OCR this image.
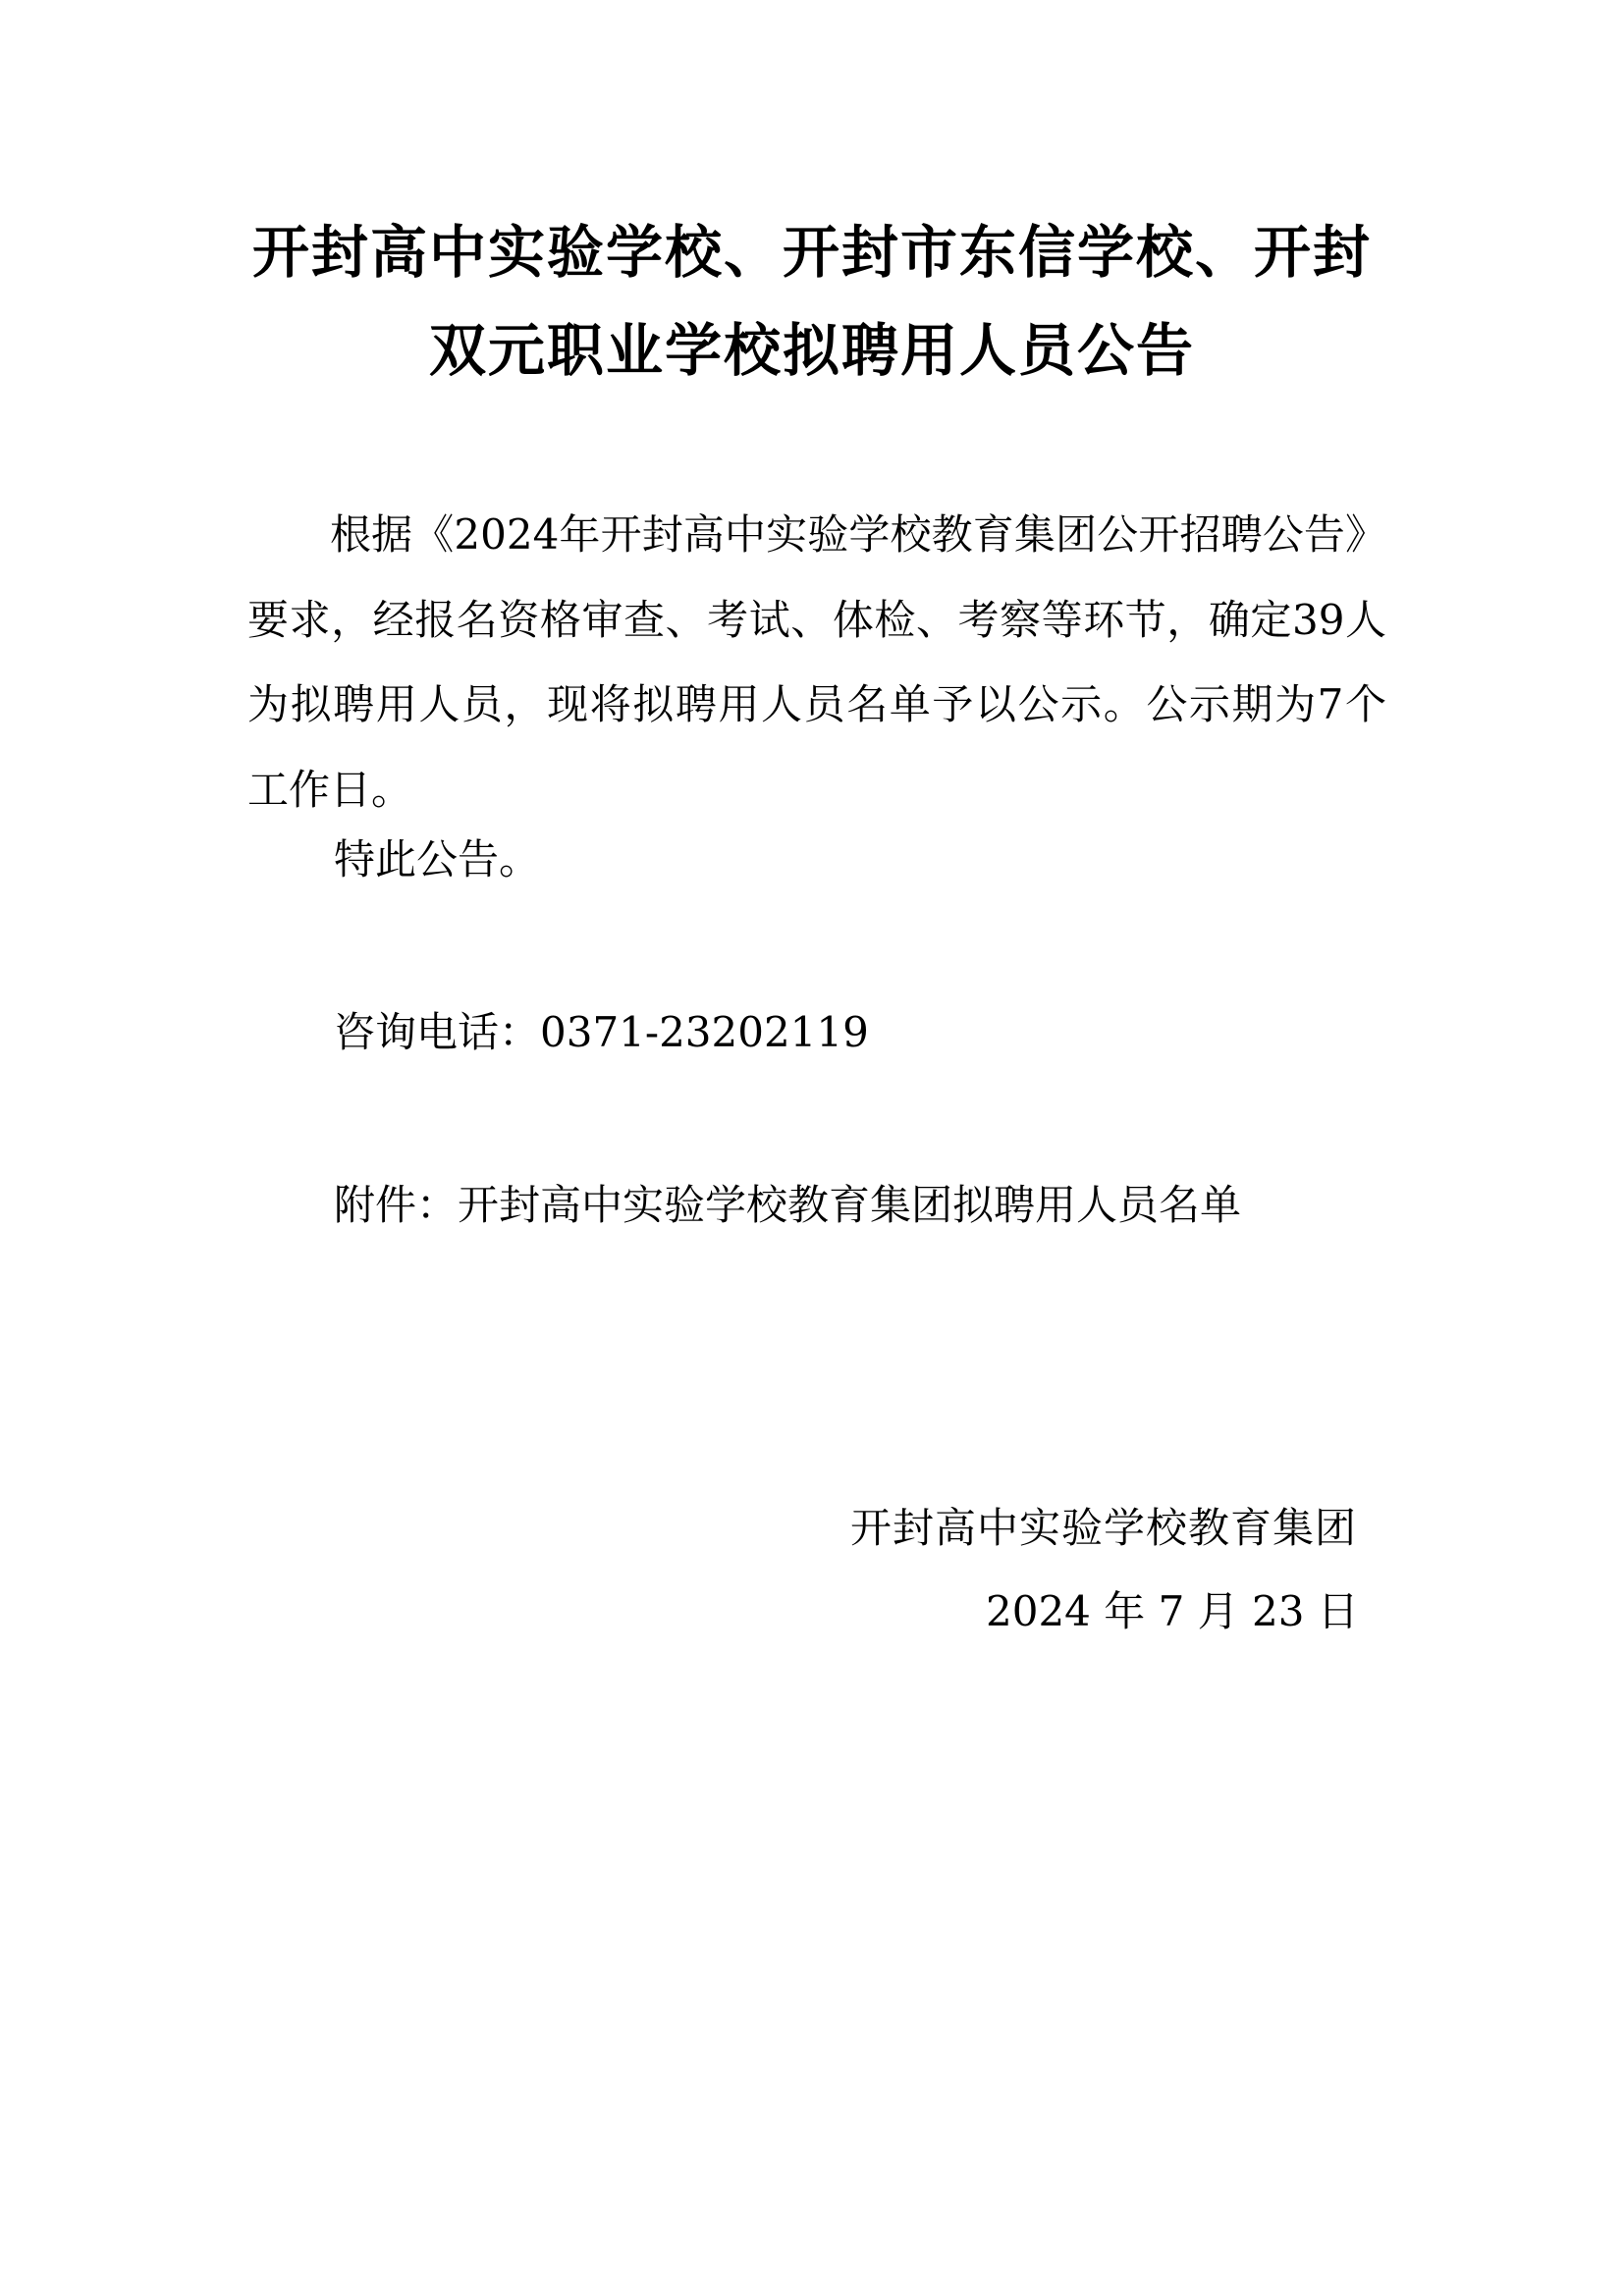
开封高中实验学校、开封市东信学校、开封
双元职业学校拟聘用人员公告

根据《2024年开封高中实验学校教育集团公开招聘公告》要求，经报名资格审查、考试、体检、考察等环节，确定39人为拟聘用人员，现将拟聘用人员名单予以公示。公示期为7个工作日。

特此公告。

咨询电话：0371-23202119

附件：开封高中实验学校教育集团拟聘用人员名单

开封高中实验学校教育集团

2024 年 7 月 23 日
